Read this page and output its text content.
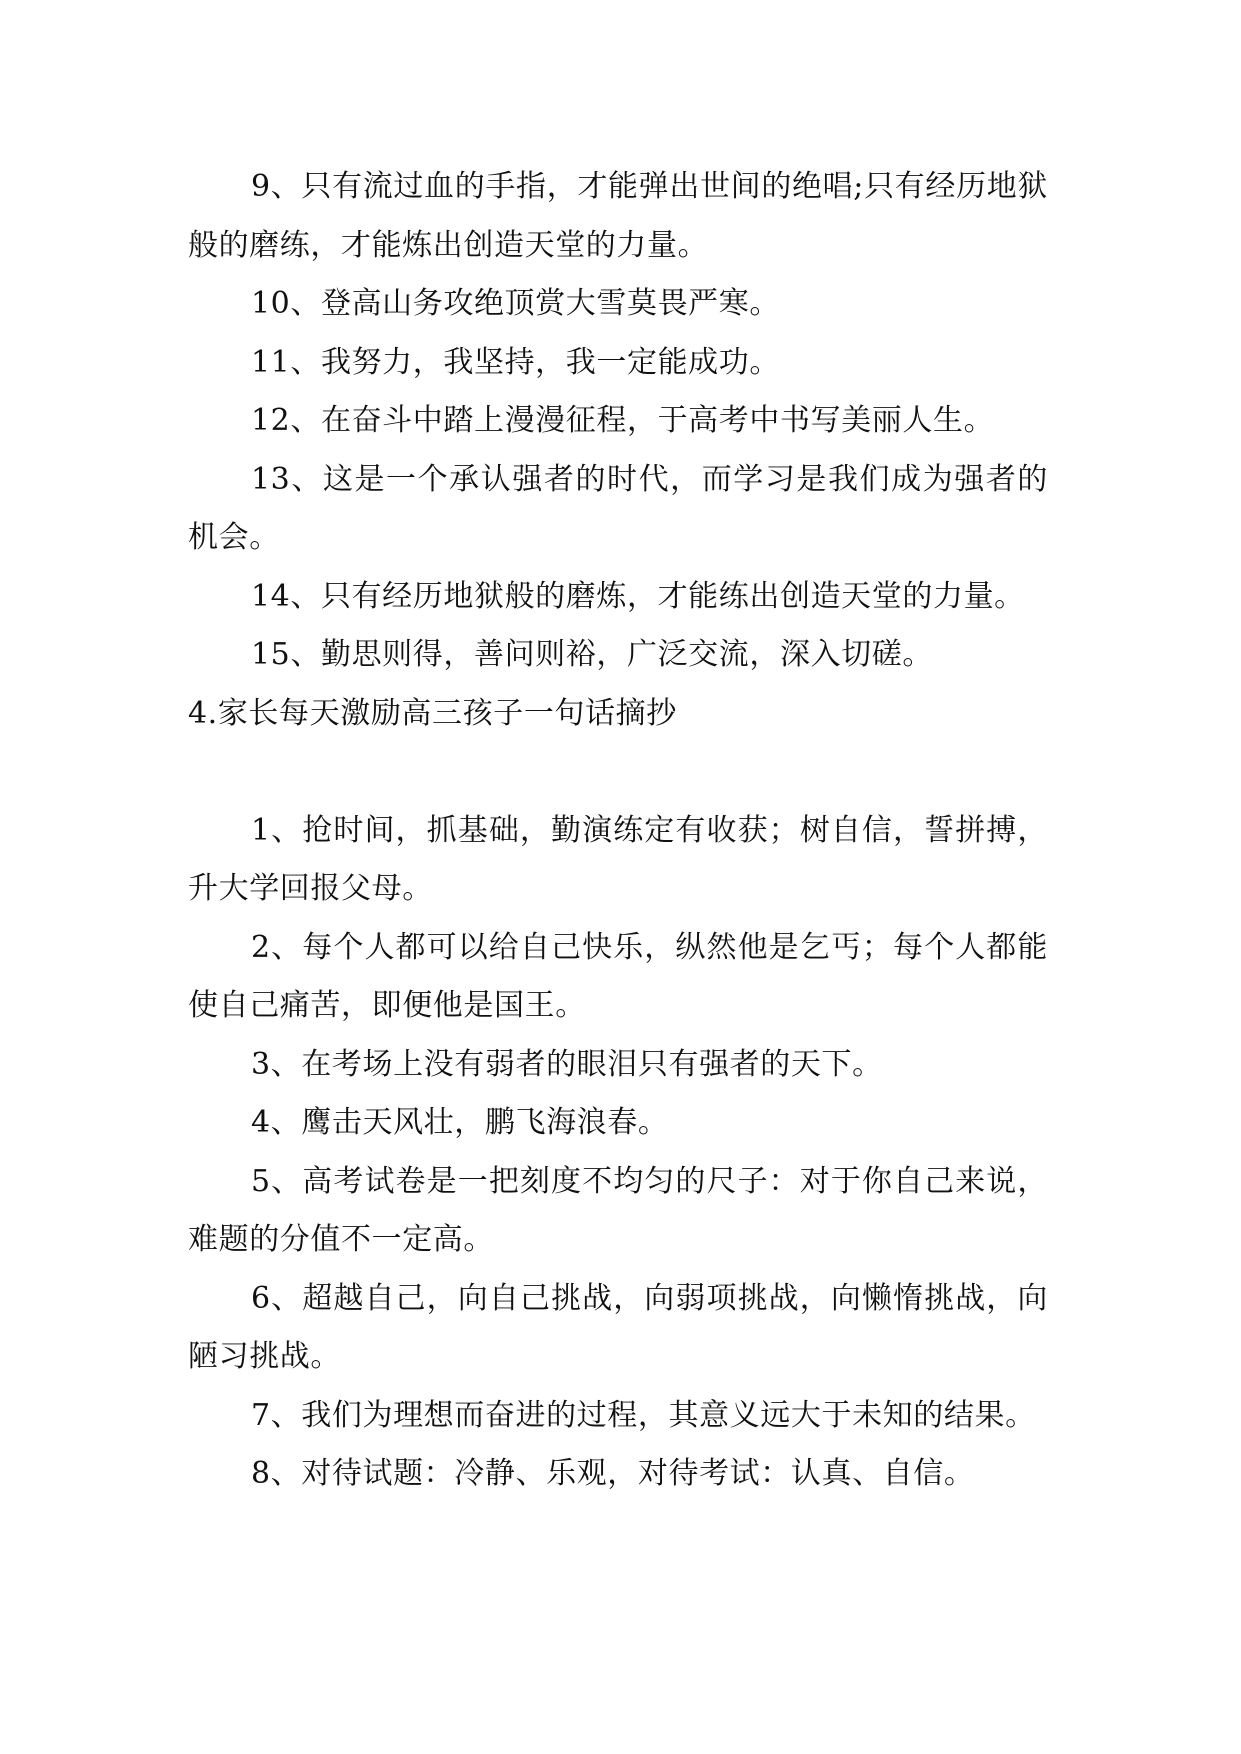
9、只有流过血的手指，才能弹出世间的绝唱;只有经历地狱般的磨练，才能炼出创造天堂的力量。

10、登高山务攻绝顶赏大雪莫畏严寒。

11、我努力，我坚持，我一定能成功。

12、在奋斗中踏上漫漫征程，于高考中书写美丽人生。

13、这是一个承认强者的时代，而学习是我们成为强者的机会。

14、只有经历地狱般的磨炼，才能练出创造天堂的力量。

15、勤思则得，善问则裕，广泛交流，深入切磋。

4.家长每天激励高三孩子一句话摘抄

1、抢时间，抓基础，勤演练定有收获；树自信，誓拼搏，升大学回报父母。

2、每个人都可以给自己快乐，纵然他是乞丐；每个人都能使自己痛苦，即便他是国王。

3、在考场上没有弱者的眼泪只有强者的天下。

4、鹰击天风壮，鹏飞海浪春。

5、高考试卷是一把刻度不均匀的尺子：对于你自己来说，难题的分值不一定高。

6、超越自己，向自己挑战，向弱项挑战，向懒惰挑战，向陋习挑战。

7、我们为理想而奋进的过程，其意义远大于未知的结果。

8、对待试题：冷静、乐观，对待考试：认真、自信。
